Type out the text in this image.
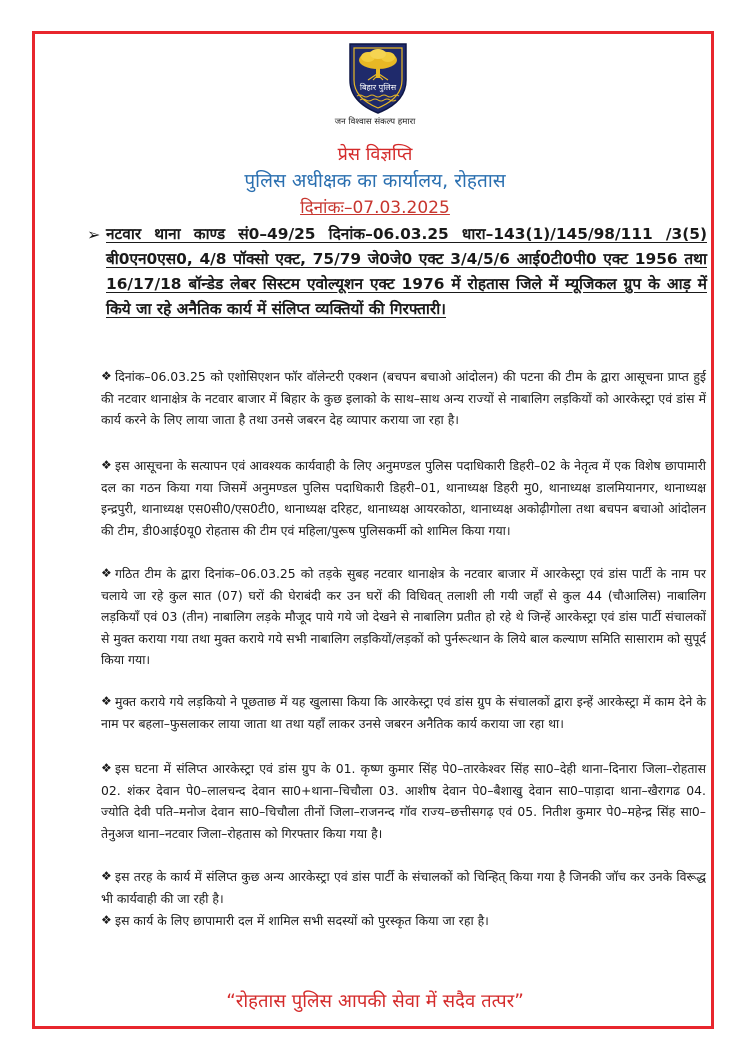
बिहार पुलिस
जन विश्वास संकल्प हमारा
प्रेस विज्ञप्ति
पुलिस अधीक्षक का कार्यालय, रोहतास
दिनांकः–07.03.2025
➢ नटवार थाना काण्ड सं0–49/25 दिनांक–06.03.25 धारा–143(1)/145/98/111 /3(5) बी0एन0एस0, 4/8 पॉक्सो एक्ट, 75/79 जे0जे0 एक्ट 3/4/5/6 आई0टी0पी0 एक्ट 1956 तथा 16/17/18 बॉन्डेड लेबर सिस्टम एवोल्यूशन एक्ट 1976 में रोहतास जिले में म्यूजिकल ग्रुप के आड़ में किये जा रहे अनैतिक कार्य में संलिप्त व्यक्तियों की गिरफ्तारी।
❖ दिनांक–06.03.25 को एशोसिएशन फॉर वॉलेन्टरी एक्शन (बचपन बचाओ आंदोलन) की पटना की टीम के द्वारा आसूचना प्राप्त हुई की नटवार थानाक्षेत्र के नटवार बाजार में बिहार के कुछ इलाको के साथ–साथ अन्य राज्यों से नाबालिग लड़कियों को आरकेस्ट्रा एवं डांस में कार्य करने के लिए लाया जाता है तथा उनसे जबरन देह व्यापार कराया जा रहा है।
❖ इस आसूचना के सत्यापन एवं आवश्यक कार्यवाही के लिए अनुमण्डल पुलिस पदाधिकारी डिहरी–02 के नेतृत्व में एक विशेष छापामारी दल का गठन किया गया जिसमें अनुमण्डल पुलिस पदाधिकारी डिहरी–01, थानाध्यक्ष डिहरी मु0, थानाध्यक्ष डालमियानगर, थानाध्यक्ष इन्द्रपुरी, थानाध्यक्ष एस0सी0/एस0टी0, थानाध्यक्ष दरिहट, थानाध्यक्ष आयरकोठा, थानाध्यक्ष अकोढ़ीगोला तथा बचपन बचाओ आंदोलन की टीम, डी0आई0यू0 रोहतास की टीम एवं महिला/पुरूष पुलिसकर्मी को शामिल किया गया।
❖ गठित टीम के द्वारा दिनांक–06.03.25 को तड़के सुबह नटवार थानाक्षेत्र के नटवार बाजार में आरकेस्ट्रा एवं डांस पार्टी के नाम पर चलाये जा रहे कुल सात (07) घरों की घेराबंदी कर उन घरों की विधिवत् तलाशी ली गयी जहाँ से कुल 44 (चौआलिस) नाबालिग लड़कियाँ एवं 03 (तीन) नाबालिग लड़के मौजूद पाये गये जो देखने से नाबालिग प्रतीत हो रहे थे जिन्हें आरकेस्ट्रा एवं डांस पार्टी संचालकों से मुक्त कराया गया तथा मुक्त कराये गये सभी नाबालिग लड़कियों/लड़कों को पुर्नरूत्थान के लिये बाल कल्याण समिति सासाराम को सुपूर्द किया गया।
❖ मुक्त कराये गये लड़कियो ने पूछताछ में यह खुलासा किया कि आरकेस्ट्रा एवं डांस ग्रुप के संचालकों द्वारा इन्हें आरकेस्ट्रा में काम देने के नाम पर बहला–फुसलाकर लाया जाता था तथा यहाँ लाकर उनसे जबरन अनैतिक कार्य कराया जा रहा था।
❖ इस घटना में संलिप्त आरकेस्ट्रा एवं डांस ग्रुप के 01. कृष्ण कुमार सिंह पे0–तारकेश्वर सिंह सा0–देही थाना–दिनारा जिला–रोहतास 02. शंकर देवान पे0–लालचन्द देवान सा0+थाना–चिचौला 03. आशीष देवान पे0–बैशाखु देवान सा0–पाड़ादा थाना–खैरागढ 04. ज्योति देवी पति–मनोज देवान सा0–चिचौला तीनों जिला–राजनन्द गॉव राज्य–छत्तीसगढ़ एवं 05. नितीश कुमार पे0–महेन्द्र सिंह सा0–तेनुअज थाना–नटवार जिला–रोहतास को गिरफ्तार किया गया है।
❖ इस तरह के कार्य में संलिप्त कुछ अन्य आरकेस्ट्रा एवं डांस पार्टी के संचालकों को चिन्हित् किया गया है जिनकी जॉच कर उनके विरूद्ध भी कार्यवाही की जा रही है।
❖ इस कार्य के लिए छापामारी दल में शामिल सभी सदस्यों को पुरस्कृत किया जा रहा है।
“रोहतास पुलिस आपकी सेवा में सदैव तत्पर”
